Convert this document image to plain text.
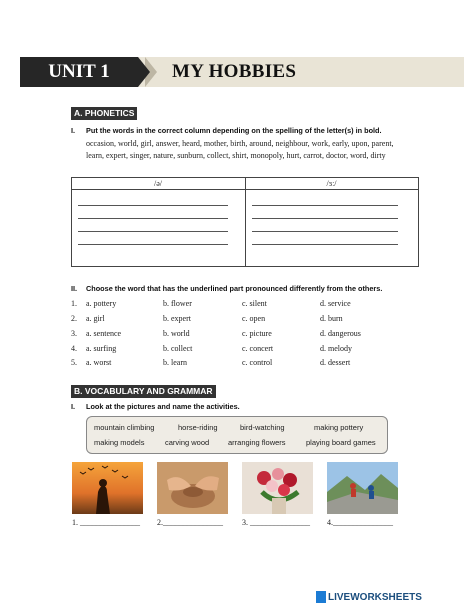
UNIT 1	MY HOBBIES
A. PHONETICS
I. Put the words in the correct column depending on the spelling of the letter(s) in bold.
occasion, world, girl, answer, heard, mother, birth, around, neighbour, work, early, upon, parent, learn, expert, singer, nature, sunburn, collect, shirt, monopoly, hurt, carrot, doctor, word, dirty
/ə/	/ɜː/
II. Choose the word that has the underlined part pronounced differently from the others.
1. a. pottery	b. flower	c. silent	d. service
2. a. girl	b. expert	c. open	d. burn
3. a. sentence	b. world	c. picture	d. dangerous
4. a. surfing	b. collect	c. concert	d. melody
5. a. worst	b. learn	c. control	d. dessert
B. VOCABULARY AND GRAMMAR
I. Look at the pictures and name the activities.
mountain climbing	horse-riding	bird-watching	making pottery
making models	carving wood	arranging flowers	playing board games
1. _______________ 2._______________ 3. _______________ 4._______________
LIVEWORKSHEETS
